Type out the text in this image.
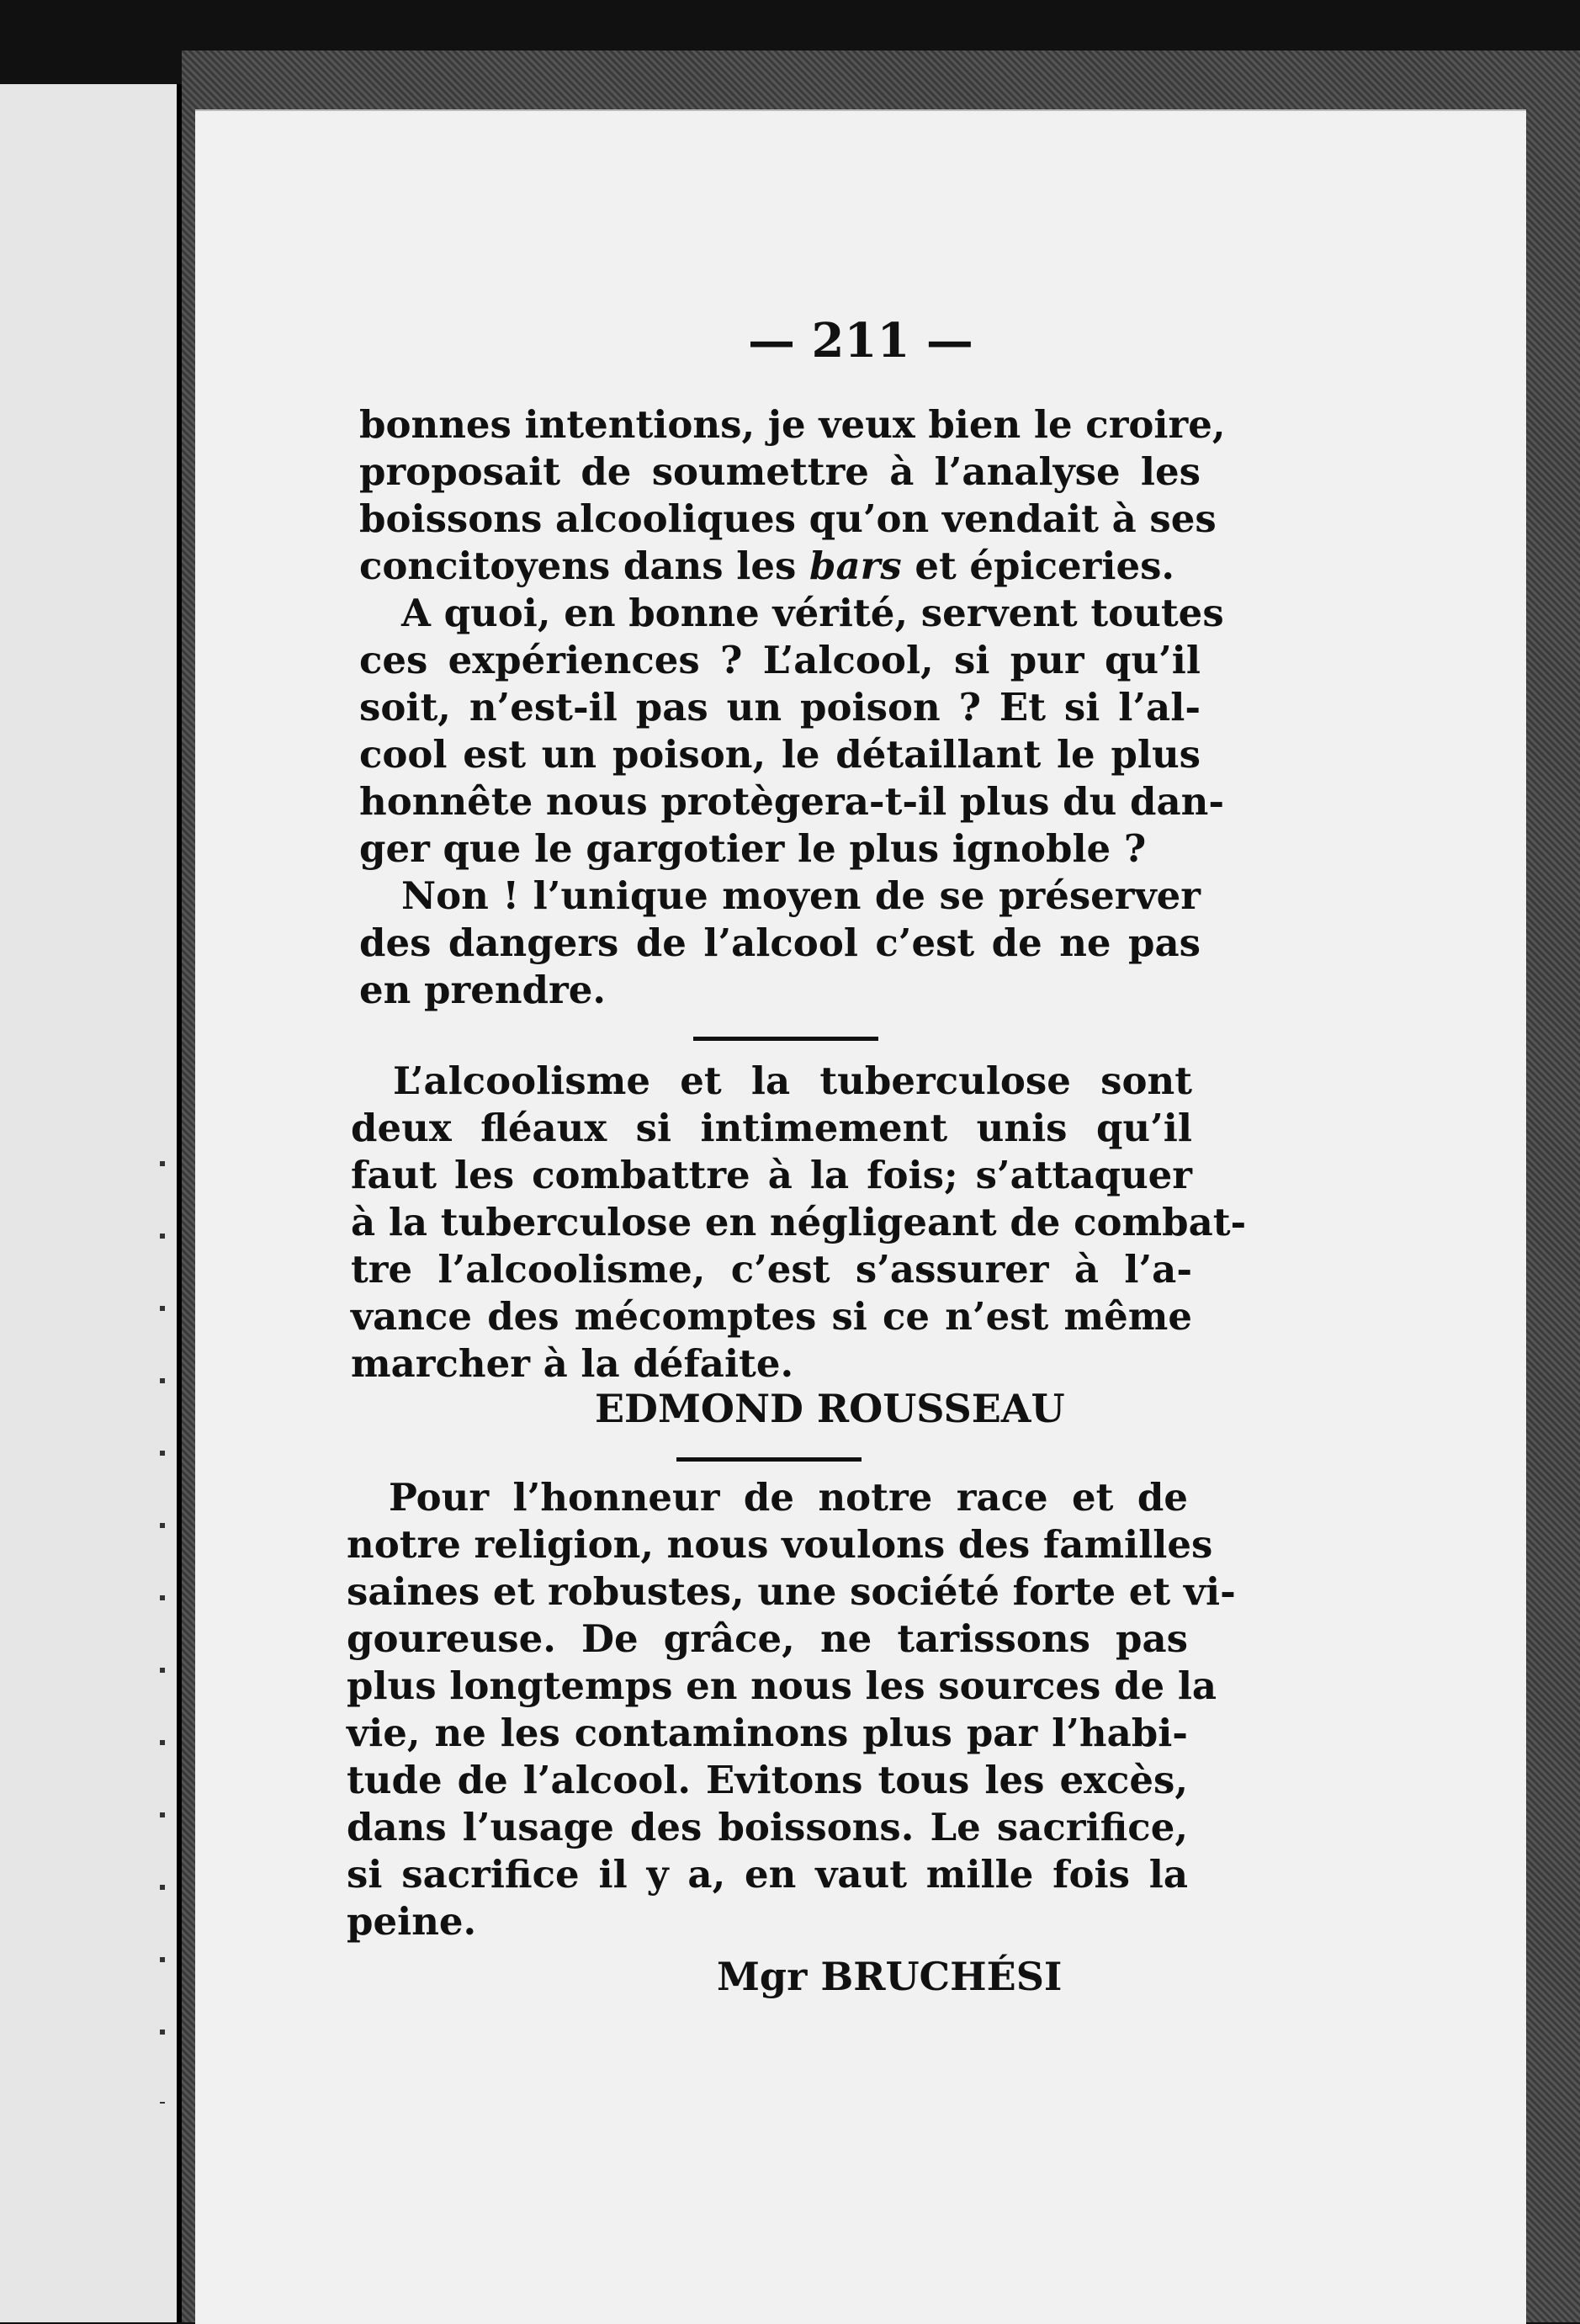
— 211 —
bonnes intentions, je veux bien le croire,
proposait de soumettre à l’analyse les
boissons alcooliques qu’on vendait à ses
concitoyens dans les bars et épiceries.
A quoi, en bonne vérité, servent toutes
ces expériences ? L’alcool, si pur qu’il
soit, n’est-il pas un poison ? Et si l’al-
cool est un poison, le détaillant le plus
honnête nous protègera-t-il plus du dan-
ger que le gargotier le plus ignoble ?
Non ! l’unique moyen de se préserver
des dangers de l’alcool c’est de ne pas
en prendre.
L’alcoolisme et la tuberculose sont
deux fléaux si intimement unis qu’il
faut les combattre à la fois; s’attaquer
à la tuberculose en négligeant de combat-
tre l’alcoolisme, c’est s’assurer à l’a-
vance des mécomptes si ce n’est même
marcher à la défaite.
EDMOND ROUSSEAU
Pour l’honneur de notre race et de
notre religion, nous voulons des familles
saines et robustes, une société forte et vi-
goureuse. De grâce, ne tarissons pas
plus longtemps en nous les sources de la
vie, ne les contaminons plus par l’habi-
tude de l’alcool. Evitons tous les excès,
dans l’usage des boissons. Le sacrifice,
si sacrifice il y a, en vaut mille fois la
peine.
Mgr BRUCHÉSI
